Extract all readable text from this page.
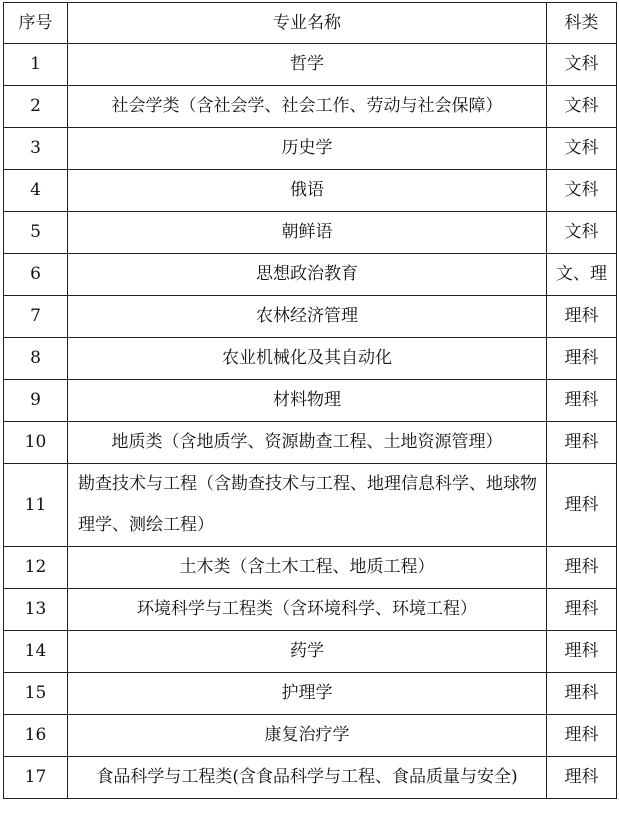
序号	专业名称	科类
1	哲学	文科
2	社会学类（含社会学、社会工作、劳动与社会保障）	文科
3	历史学	文科
4	俄语	文科
5	朝鲜语	文科
6	思想政治教育	文、理
7	农林经济管理	理科
8	农业机械化及其自动化	理科
9	材料物理	理科
10	地质类（含地质学、资源勘查工程、土地资源管理）	理科
11	勘查技术与工程（含勘查技术与工程、地理信息科学、地球物理学、测绘工程）	理科
12	土木类（含土木工程、地质工程）	理科
13	环境科学与工程类（含环境科学、环境工程）	理科
14	药学	理科
15	护理学	理科
16	康复治疗学	理科
17	食品科学与工程类(含食品科学与工程、食品质量与安全)	理科
